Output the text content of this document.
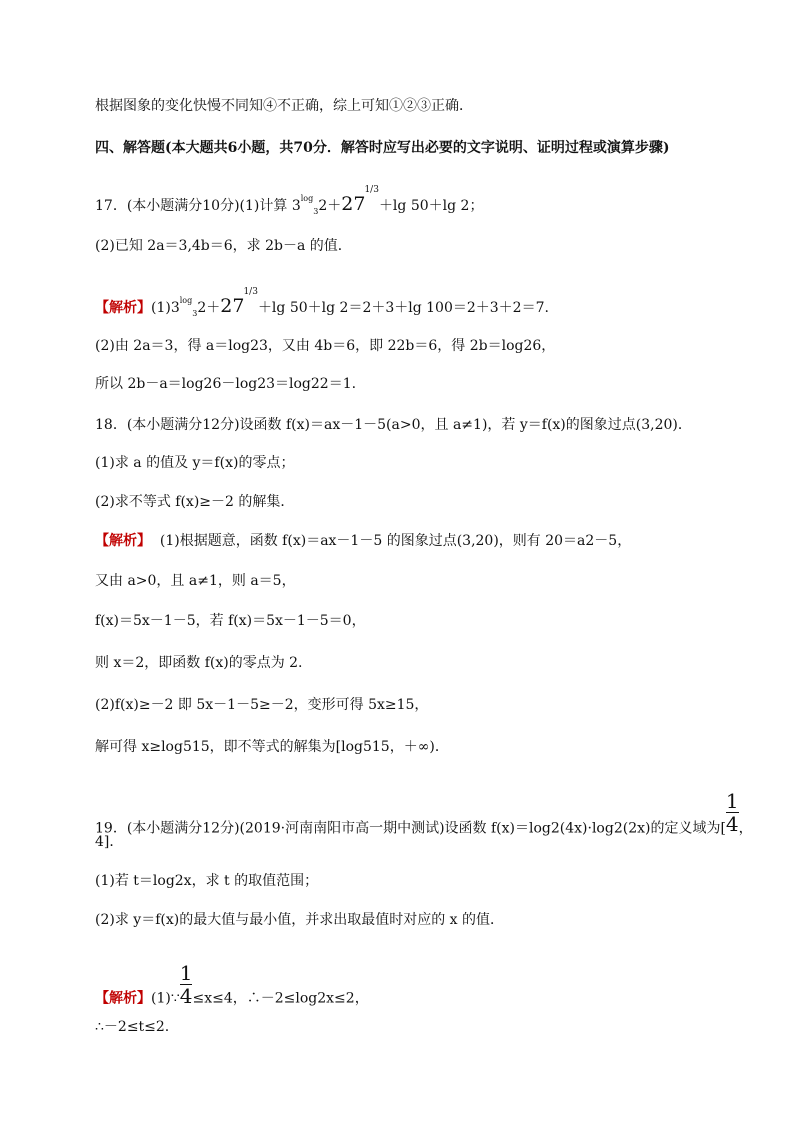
根据图象的变化快慢不同知④不正确，综上可知①②③正确．
四、解答题(本大题共6小题，共70分．解答时应写出必要的文字说明、证明过程或演算步骤)
17．(本小题满分10分)(1)计算 $3^{log}_32+271/3+\lg$ 50＋lg 2；
(2)已知 2a＝3,4b＝6，求 2b－a 的值．
【解析】$(1)3^{log}_32+271/3+\lg$ 50＋lg 2＝2＋3＋lg 100＝2＋3＋2＝7.
(2)由 2a＝3，得 a＝log23，又由 4b＝6，即 22b＝6，得 2b＝log26，
所以 2b－a＝log26－log23＝log22＝1.
18．(本小题满分12分)设函数 f(x)＝ax－1－5(a>0，且 a≠1)，若 y＝f(x)的图象过点(3,20)．
(1)求 a 的值及 y＝f(x)的零点；
(2)求不等式 f(x)≥－2 的解集．
【解析】 (1)根据题意，函数 f(x)＝ax－1－5 的图象过点(3,20)，则有 20＝a2－5，
又由 a>0，且 a≠1，则 a＝5，
f(x)＝5x－1－5，若 f(x)＝5x－1－5＝0，
则 x＝2，即函数 f(x)的零点为 2.
(2)f(x)≥－2 即 5x－1－5≥－2，变形可得 5x≥15，
解可得 x≥log515，即不等式的解集为[log515，＋∞)．
19．(本小题满分12分)(2019·河南南阳市高一期中测试)设函数 f(x)＝log2(4x)·log2(2x)的定义域为[ $\frac{1}{4}$ ，
4]．
(1)若 t＝log2x，求 t 的取值范围；
(2)求 y＝f(x)的最大值与最小值，并求出取最值时对应的 x 的值．
【解析】(1)∵ $\frac{1}{4} \le x\le 4$，∴－2≤log2x≤2，
∴－2≤t≤2.
